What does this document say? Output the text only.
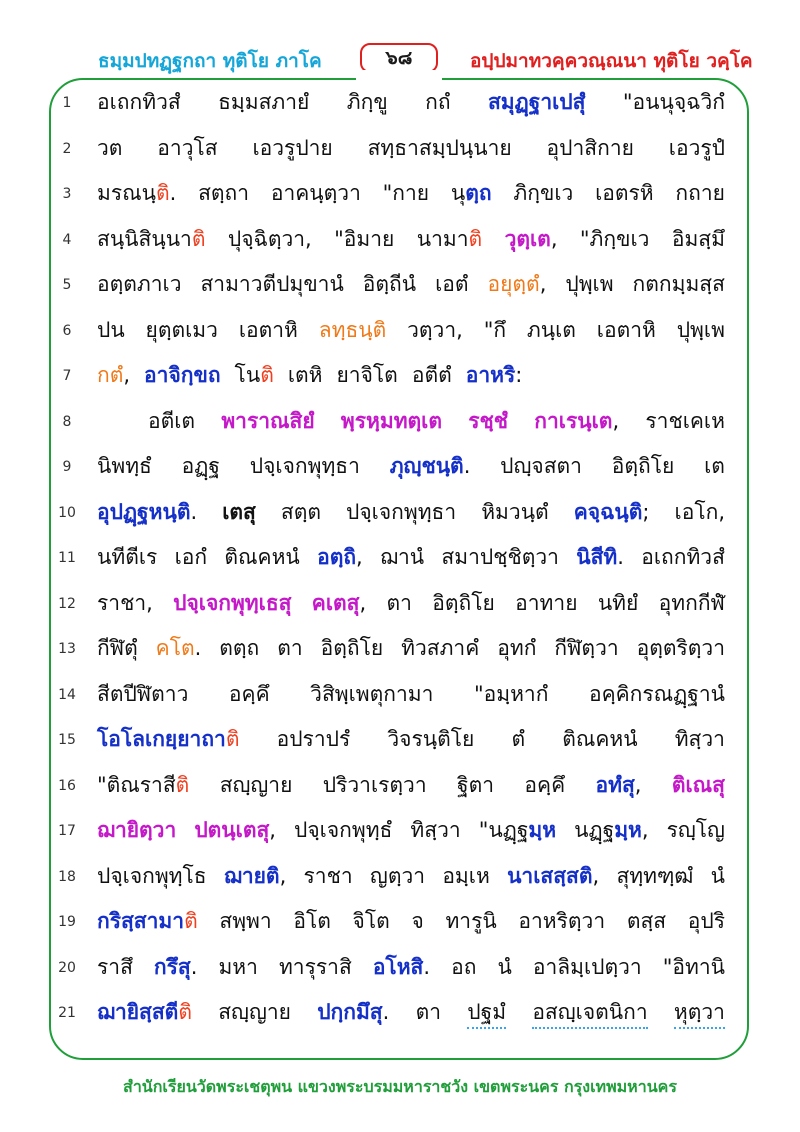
ธมฺมปทฏฺฐกถา ทุติโย ภาโค	๖๘	อปฺปมาทวคฺควณฺณนา ทุติโย วคฺโค
1	อเถกทิวสํ ธมฺมสภายํ ภิกฺขู กถํ สมุฏฺฐาเปสุํ "อนนุจฺฉวิกํ
2	วต อาวุโส เอวรูปาย สทฺธาสมฺปนฺนาย อุปาสิกาย เอวรูปํ
3	มรณนฺติ. สตฺถา อาคนฺตฺวา "กาย นุตฺถ ภิกฺขเว เอตรหิ กถาย
4	สนฺนิสินฺนาติ ปุจฺฉิตฺวา, "อิมาย นามาติ วุตฺเต, "ภิกฺขเว อิมสฺมึ
5	อตฺตภาเว สามาวตีปมุขานํ อิตฺถีนํ เอตํ อยุตฺตํ, ปุพฺเพ กตกมฺมสฺส
6	ปน ยุตฺตเมว เอตาหิ ลทฺธนฺติ วตฺวา, "กึ ภนฺเต เอตาหิ ปุพฺเพ
7	กตํ, อาจิกฺขถ โนติ เตหิ ยาจิโต อตีตํ อาหริ:
8	อตีเต พาราณสิยํ พฺรหฺมทตฺเต รชฺชํ กาเรนฺเต, ราชเคเห
9	นิพทฺธํ อฏฺฐ ปจฺเจกพุทฺธา ภุญฺชนฺติ. ปญฺจสตา อิตฺถิโย เต
10	อุปฏฺฐหนฺติ. เตสุ สตฺต ปจฺเจกพุทฺธา หิมวนฺตํ คจฺฉนฺติ; เอโก,
11	นทีตีเร เอกํ ติณคหนํ อตฺถิ, ฌานํ สมาปชฺชิตฺวา นิสีทิ. อเถกทิวสํ
12	ราชา, ปจฺเจกพุทฺเธสุ คเตสุ, ตา อิตฺถิโย อาทาย นทิยํ อุทกกีฬํ
13	กีฬิตุํ คโต. ตตฺถ ตา อิตฺถิโย ทิวสภาคํ อุทกํ กีฬิตฺวา อุตฺตริตฺวา
14	สีตปีฬิตาว อคฺคึ วิสิพฺเพตุกามา "อมฺหากํ อคฺคิกรณฏฺฐานํ
15	โอโลเกยฺยาถาติ อปราปรํ วิจรนฺติโย ตํ ติณคหนํ ทิสฺวา
16	"ติณราสีติ สญฺญาย ปริวาเรตฺวา ฐิตา อคฺคึ อทํสุ, ติเณสุ
17	ฌายิตฺวา ปตนฺเตสุ, ปจฺเจกพุทฺธํ ทิสฺวา "นฏฺฐมฺห นฏฺฐมฺห, รญฺโญ
18	ปจฺเจกพุทฺโธ ฌายติ, ราชา ญตฺวา อมฺเห นาเสสฺสติ, สุทฺทฑฺฒํ นํ
19	กริสฺสามาติ สพฺพา อิโต จิโต จ ทารูนิ อาหริตฺวา ตสฺส อุปริ
20	ราสึ กรึสุ. มหา ทารุราสิ อโหสิ. อถ นํ อาลิมฺเปตฺวา "อิทานิ
21	ฌายิสฺสตีติ สญฺญาย ปกฺกมึสุ. ตา ปฐมํ อสญฺเจตนิกา หุตฺวา
สำนักเรียนวัดพระเชตุพน แขวงพระบรมมหาราชวัง เขตพระนคร กรุงเทพมหานคร
